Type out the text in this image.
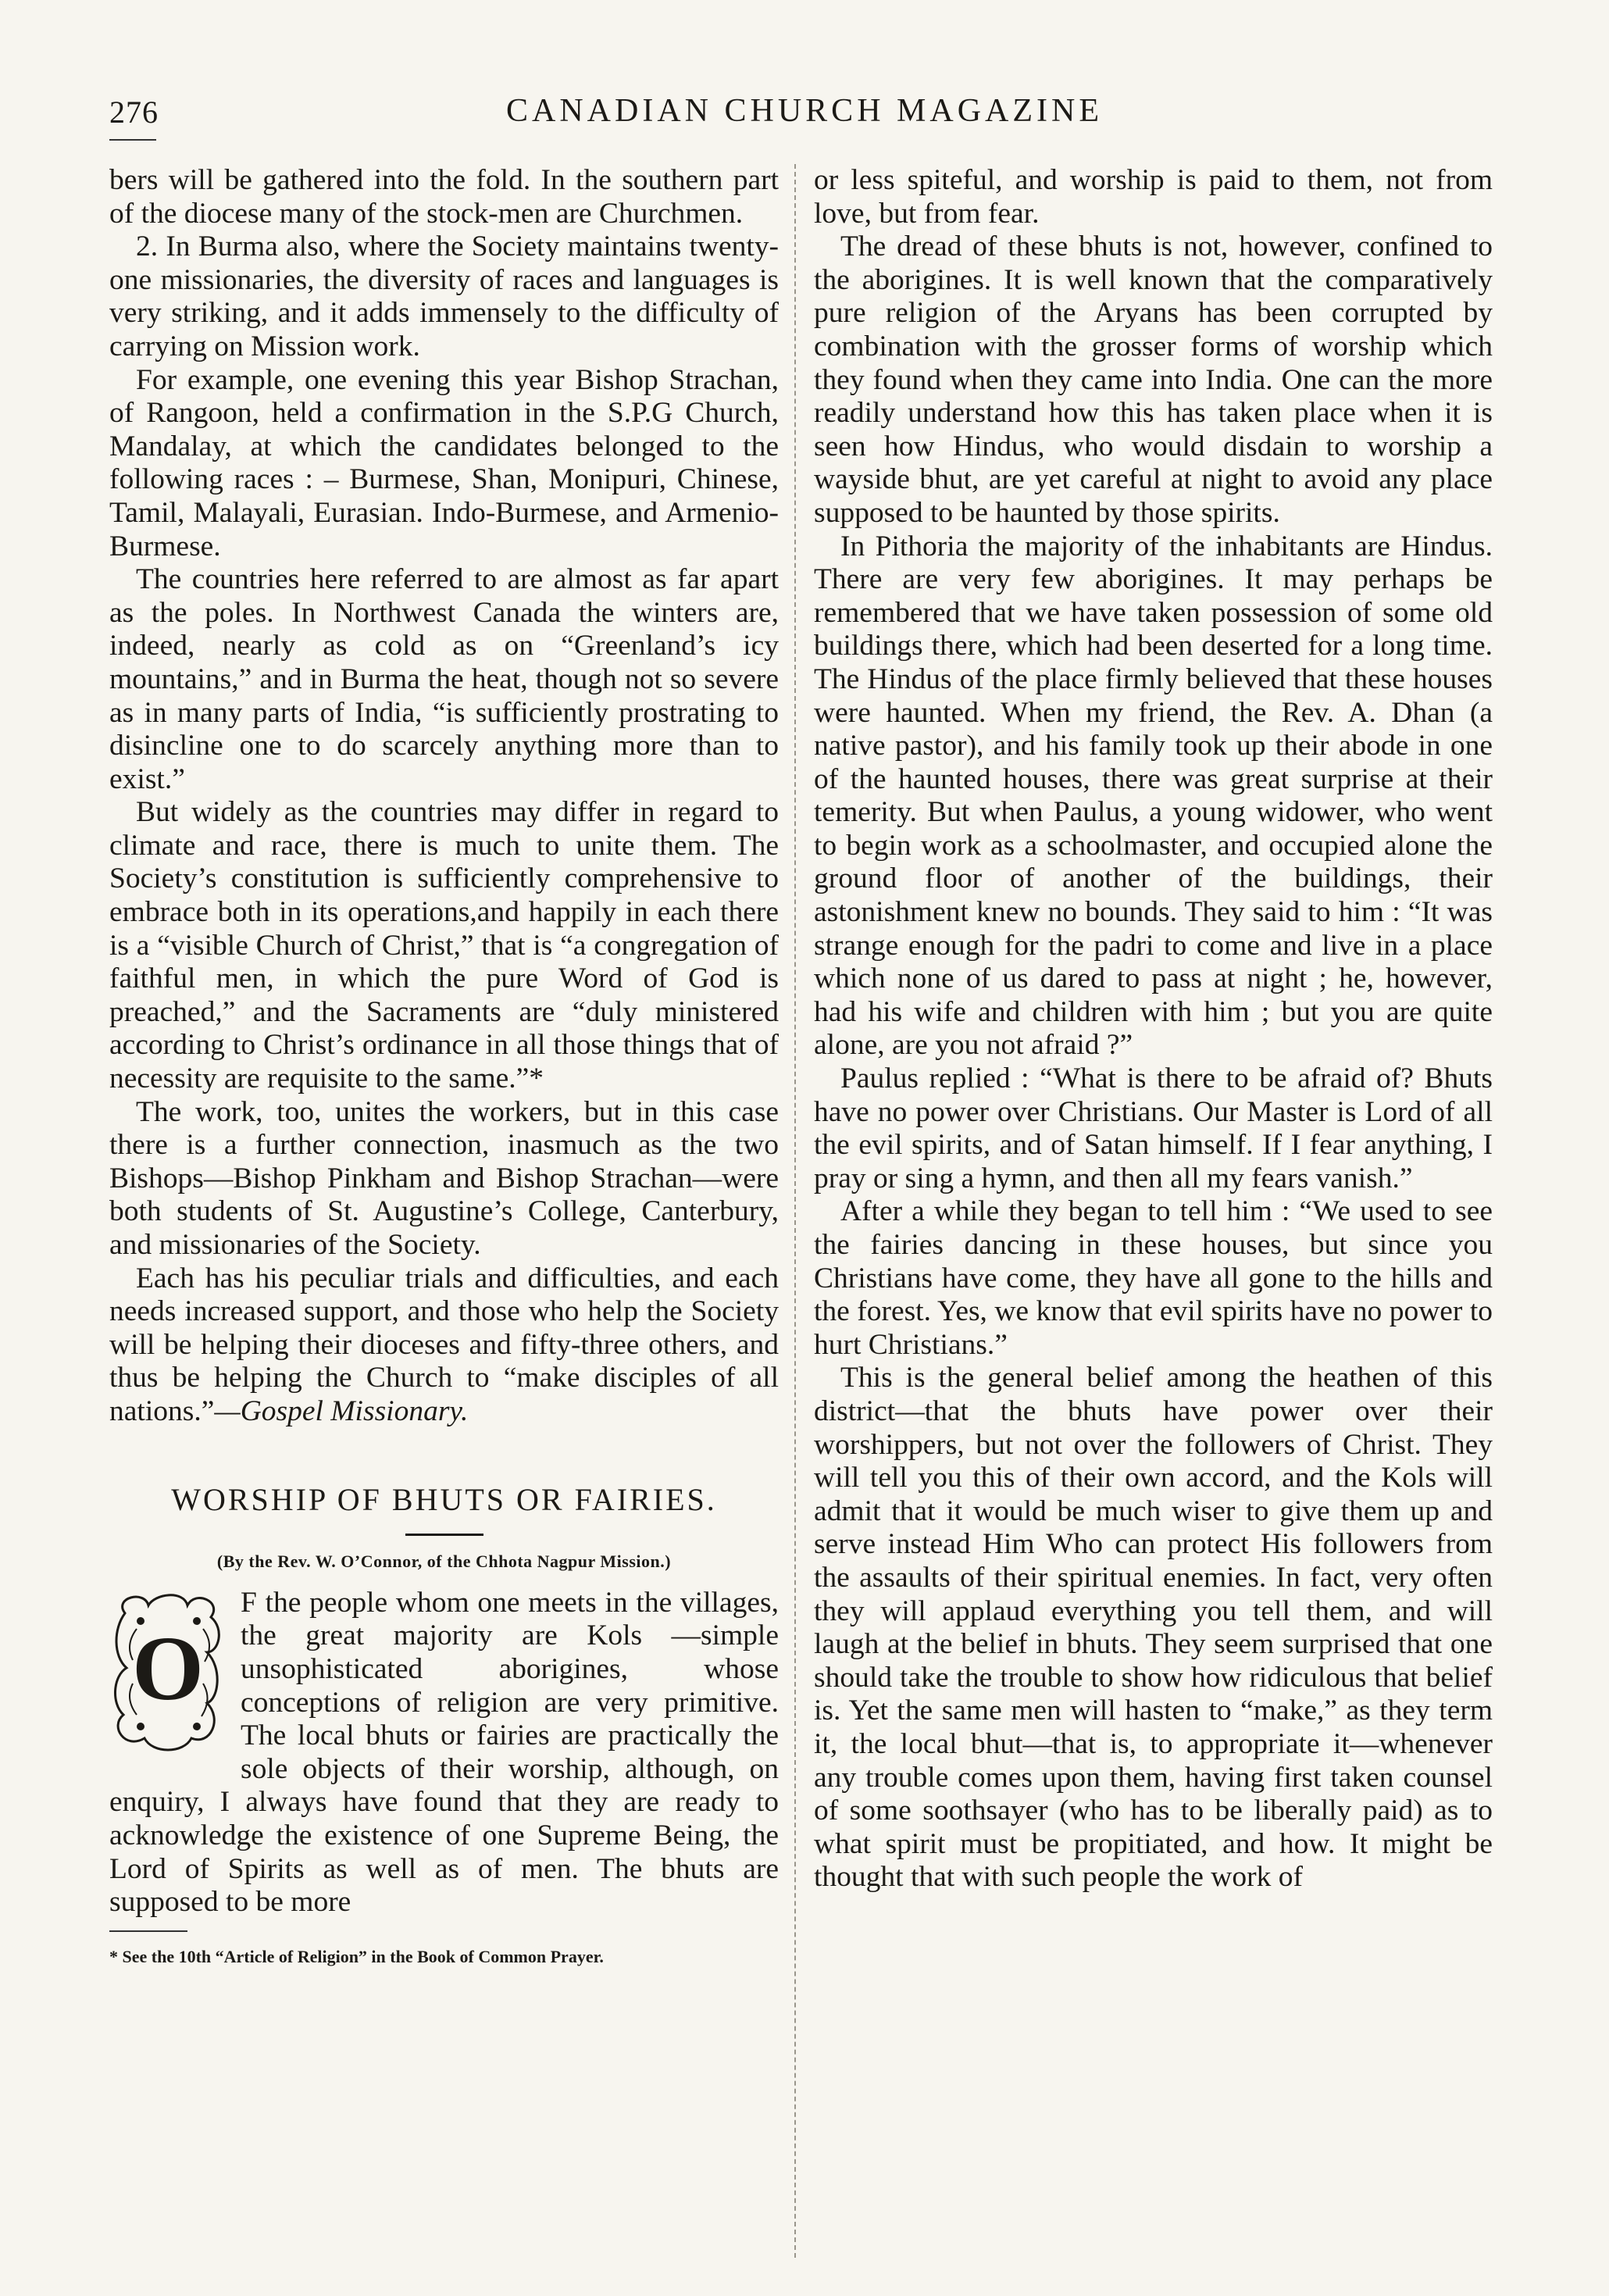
276	CANADIAN CHURCH MAGAZINE

bers will be gathered into the fold. In the southern part of the diocese many of the stock-men are Churchmen.

2. In Burma also, where the Society maintains twenty-one missionaries, the diversity of races and languages is very striking, and it adds immensely to the difficulty of carrying on Mission work.

For example, one evening this year Bishop Strachan, of Rangoon, held a confirmation in the S.P.G Church, Mandalay, at which the candidates belonged to the following races : – Burmese, Shan, Monipuri, Chinese, Tamil, Malayali, Eurasian. Indo-Burmese, and Armenio-Burmese.

The countries here referred to are almost as far apart as the poles. In Northwest Canada the winters are, indeed, nearly as cold as on “Greenland’s icy mountains,” and in Burma the heat, though not so severe as in many parts of India, “is sufficiently prostrating to disincline one to do scarcely anything more than to exist.”

But widely as the countries may differ in regard to climate and race, there is much to unite them. The Society’s constitution is sufficiently comprehensive to embrace both in its operations,and happily in each there is a “visible Church of Christ,” that is “a congregation of faithful men, in which the pure Word of God is preached,” and the Sacraments are “duly ministered according to Christ’s ordinance in all those things that of necessity are requisite to the same.”*

The work, too, unites the workers, but in this case there is a further connection, inasmuch as the two Bishops—Bishop Pinkham and Bishop Strachan—were both students of St. Augustine’s College, Canterbury, and missionaries of the Society.

Each has his peculiar trials and difficulties, and each needs increased support, and those who help the Society will be helping their dioceses and fifty-three others, and thus be helping the Church to “make disciples of all nations.”—Gospel Missionary.

WORSHIP OF BHUTS OR FAIRIES.
(By the Rev. W. O’Connor, of the Chhota Nagpur Mission.)

O
F the people whom one meets in the villages, the great majority are Kols —simple unsophisticated aborigines, whose conceptions of religion are very primitive. The local bhuts or fairies are practically the sole objects of their worship, although, on enquiry, I always have found that they are ready to acknowledge the existence of one Supreme Being, the Lord of Spirits as well as of men. The bhuts are supposed to be more

* See the 10th “Article of Religion” in the Book of Common Prayer.

or less spiteful, and worship is paid to them, not from love, but from fear.

The dread of these bhuts is not, however, confined to the aborigines. It is well known that the comparatively pure religion of the Aryans has been corrupted by combination with the grosser forms of worship which they found when they came into India. One can the more readily understand how this has taken place when it is seen how Hindus, who would disdain to worship a wayside bhut, are yet careful at night to avoid any place supposed to be haunted by those spirits.

In Pithoria the majority of the inhabitants are Hindus. There are very few aborigines. It may perhaps be remembered that we have taken possession of some old buildings there, which had been deserted for a long time. The Hindus of the place firmly believed that these houses were haunted. When my friend, the Rev. A. Dhan (a native pastor), and his family took up their abode in one of the haunted houses, there was great surprise at their temerity. But when Paulus, a young widower, who went to begin work as a schoolmaster, and occupied alone the ground floor of another of the buildings, their astonishment knew no bounds. They said to him : “It was strange enough for the padri to come and live in a place which none of us dared to pass at night ; he, however, had his wife and children with him ; but you are quite alone, are you not afraid ?”

Paulus replied : “What is there to be afraid of? Bhuts have no power over Christians. Our Master is Lord of all the evil spirits, and of Satan himself. If I fear anything, I pray or sing a hymn, and then all my fears vanish.”

After a while they began to tell him : “We used to see the fairies dancing in these houses, but since you Christians have come, they have all gone to the hills and the forest. Yes, we know that evil spirits have no power to hurt Christians.”

This is the general belief among the heathen of this district—that the bhuts have power over their worshippers, but not over the followers of Christ. They will tell you this of their own accord, and the Kols will admit that it would be much wiser to give them up and serve instead Him Who can protect His followers from the assaults of their spiritual enemies. In fact, very often they will applaud everything you tell them, and will laugh at the belief in bhuts. They seem surprised that one should take the trouble to show how ridiculous that belief is. Yet the same men will hasten to “make,” as they term it, the local bhut—that is, to appropriate it—whenever any trouble comes upon them, having first taken counsel of some soothsayer (who has to be liberally paid) as to what spirit must be propitiated, and how. It might be thought that with such people the work of
